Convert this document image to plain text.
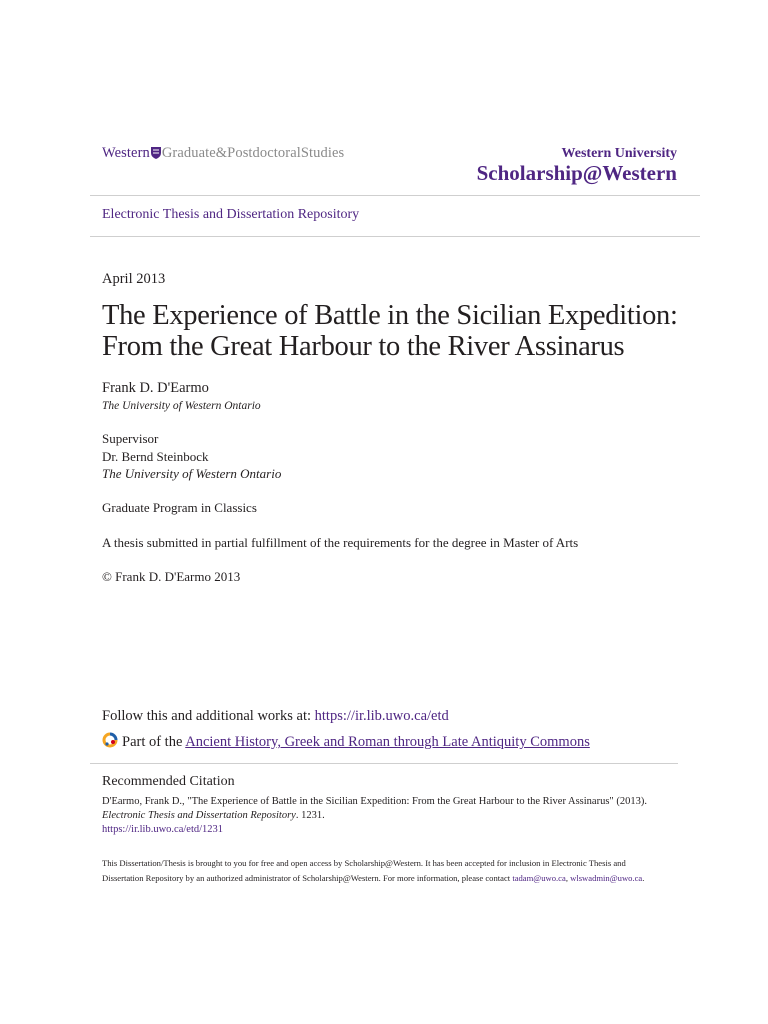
Western Graduate&PostdoctoralStudies	Western University
Scholarship@Western
Electronic Thesis and Dissertation Repository
April 2013
The Experience of Battle in the Sicilian Expedition:
From the Great Harbour to the River Assinarus
Frank D. D'Earmo
The University of Western Ontario
Supervisor
Dr. Bernd Steinbock
The University of Western Ontario
Graduate Program in Classics
A thesis submitted in partial fulfillment of the requirements for the degree in Master of Arts
© Frank D. D'Earmo 2013
Follow this and additional works at: https://ir.lib.uwo.ca/etd
Part of the Ancient History, Greek and Roman through Late Antiquity Commons
Recommended Citation
D'Earmo, Frank D., "The Experience of Battle in the Sicilian Expedition: From the Great Harbour to the River Assinarus" (2013).
Electronic Thesis and Dissertation Repository. 1231.
https://ir.lib.uwo.ca/etd/1231
This Dissertation/Thesis is brought to you for free and open access by Scholarship@Western. It has been accepted for inclusion in Electronic Thesis and Dissertation Repository by an authorized administrator of Scholarship@Western. For more information, please contact tadam@uwo.ca, wlswadmin@uwo.ca.
